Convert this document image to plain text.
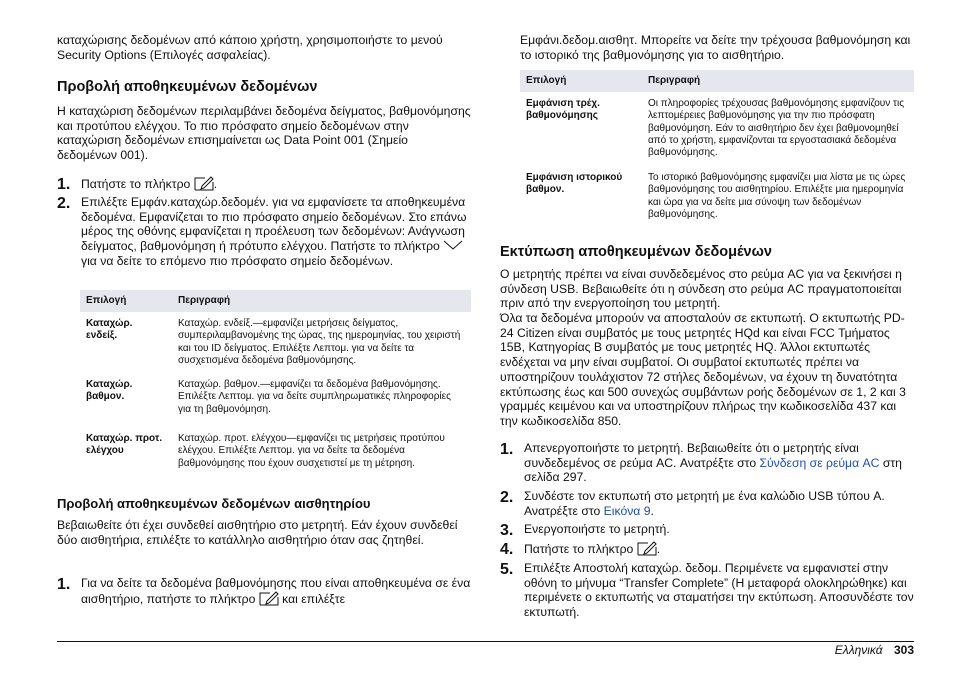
καταχώρισης δεδομένων από κάποιο χρήστη, χρησιμοποιήστε το μενού Security Options (Επιλογές ασφαλείας).

Προβολή αποθηκευμένων δεδομένων

Η καταχώριση δεδομένων περιλαμβάνει δεδομένα δείγματος, βαθμονόμησης και προτύπου ελέγχου. Το πιο πρόσφατο σημείο δεδομένων στην καταχώριση δεδομένων επισημαίνεται ως Data Point 001 (Σημείο δεδομένων 001).

1. Πατήστε το πλήκτρο .

2. Επιλέξτε Εμφάν.καταχώρ.δεδομέν. για να εμφανίσετε τα αποθηκευμένα δεδομένα. Εμφανίζεται το πιο πρόσφατο σημείο δεδομένων. Στο επάνω μέρος της οθόνης εμφανίζεται η προέλευση των δεδομένων: Ανάγνωση δείγματος, βαθμονόμηση ή πρότυπο ελέγχου. Πατήστε το πλήκτρο  για να δείτε το επόμενο πιο πρόσφατο σημείο δεδομένων.

Επιλογή	Περιγραφή
Καταχώρ. ενδείξ.	Καταχώρ. ενδείξ.—εμφανίζει μετρήσεις δείγματος, συμπεριλαμβανομένης της ώρας, της ημερομηνίας, του χειριστή και του ID δείγματος. Επιλέξτε Λεπτομ. για να δείτε τα συσχετισμένα δεδομένα βαθμονόμησης.
Καταχώρ. βαθμον.	Καταχώρ. βαθμον.—εμφανίζει τα δεδομένα βαθμονόμησης. Επιλέξτε Λεπτομ. για να δείτε συμπληρωματικές πληροφορίες για τη βαθμονόμηση.
Καταχώρ. προτ. ελέγχου	Καταχώρ. προτ. ελέγχου—εμφανίζει τις μετρήσεις προτύπου ελέγχου. Επιλέξτε Λεπτομ. για να δείτε τα δεδομένα βαθμονόμησης που έχουν συσχετιστεί με τη μέτρηση.
Προβολή αποθηκευμένων δεδομένων αισθητηρίου

Βεβαιωθείτε ότι έχει συνδεθεί αισθητήριο στο μετρητή. Εάν έχουν συνδεθεί δύο αισθητήρια, επιλέξτε το κατάλληλο αισθητήριο όταν σας ζητηθεί.

1. Για να δείτε τα δεδομένα βαθμονόμησης που είναι αποθηκευμένα σε ένα αισθητήριο, πατήστε το πλήκτρο και επιλέξτε

Εμφάνι.δεδομ.αισθητ. Μπορείτε να δείτε την τρέχουσα βαθμονόμηση και το ιστορικό της βαθμονόμησης για το αισθητήριο.

Επιλογή	Περιγραφή
Εμφάνιση τρέχ. βαθμονόμησης	Οι πληροφορίες τρέχουσας βαθμονόμησης εμφανίζουν τις λεπτομέρειες βαθμονόμησης για την πιο πρόσφατη βαθμονόμηση. Εάν το αισθητήριο δεν έχει βαθμονομηθεί από το χρήστη, εμφανίζονται τα εργοστασιακά δεδομένα βαθμονόμησης.
Εμφάνιση ιστορικού βαθμον.	Το ιστορικό βαθμονόμησης εμφανίζει μια λίστα με τις ώρες βαθμονόμησης του αισθητηρίου. Επιλέξτε μια ημερομηνία και ώρα για να δείτε μια σύνοψη των δεδομένων βαθμονόμησης.
Εκτύπωση αποθηκευμένων δεδομένων

Ο μετρητής πρέπει να είναι συνδεδεμένος στο ρεύμα AC για να ξεκινήσει η σύνδεση USB. Βεβαιωθείτε ότι η σύνδεση στο ρεύμα AC πραγματοποιείται πριν από την ενεργοποίηση του μετρητή.

Όλα τα δεδομένα μπορούν να αποσταλούν σε εκτυπωτή. Ο εκτυπωτής PD-24 Citizen είναι συμβατός με τους μετρητές HQd και είναι FCC Τμήματος 15B, Κατηγορίας B συμβατός με τους μετρητές HQ. Άλλοι εκτυπωτές ενδέχεται να μην είναι συμβατοί. Οι συμβατοί εκτυπωτές πρέπει να υποστηρίζουν τουλάχιστον 72 στήλες δεδομένων, να έχουν τη δυνατότητα εκτύπωσης έως και 500 συνεχώς συμβάντων ροής δεδομένων σε 1, 2 και 3 γραμμές κειμένου και να υποστηρίζουν πλήρως την κωδικοσελίδα 437 και την κωδικοσελίδα 850.

1. Απενεργοποιήστε το μετρητή. Βεβαιωθείτε ότι ο μετρητής είναι συνδεδεμένος σε ρεύμα AC. Ανατρέξτε στο Σύνδεση σε ρεύμα AC στη σελίδα 297.

2. Συνδέστε τον εκτυπωτή στο μετρητή με ένα καλώδιο USB τύπου A. Ανατρέξτε στο Εικόνα 9.

3. Ενεργοποιήστε το μετρητή.

4. Πατήστε το πλήκτρο .

5. Επιλέξτε Αποστολή καταχώρ. δεδομ. Περιμένετε να εμφανιστεί στην οθόνη το μήνυμα “Transfer Complete” (Η μεταφορά ολοκληρώθηκε) και περιμένετε ο εκτυπωτής να σταματήσει την εκτύπωση. Αποσυνδέστε τον εκτυπωτή.

Ελληνικά 303
